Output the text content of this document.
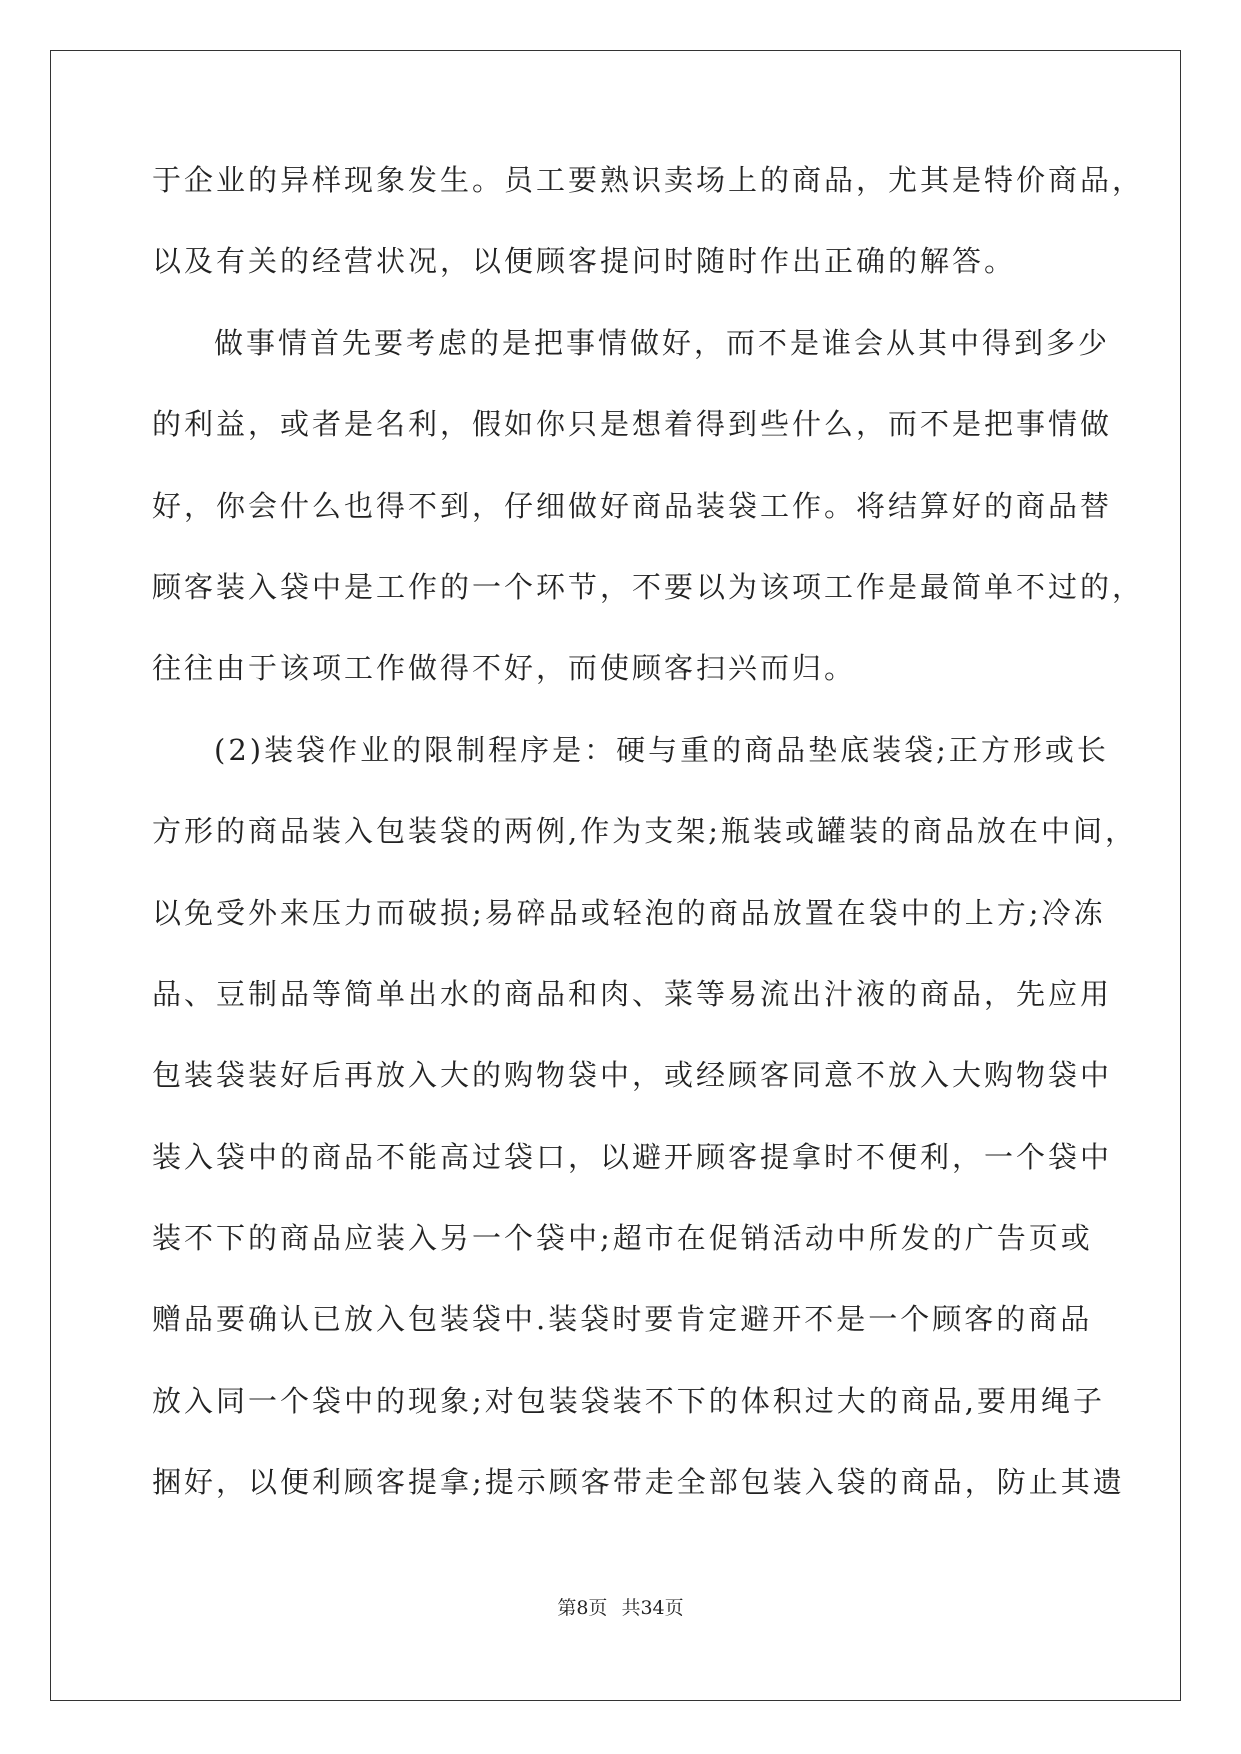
于企业的异样现象发生。员工要熟识卖场上的商品，尤其是特价商品，
以及有关的经营状况，以便顾客提问时随时作出正确的解答。
做事情首先要考虑的是把事情做好，而不是谁会从其中得到多少
的利益，或者是名利，假如你只是想着得到些什么，而不是把事情做
好，你会什么也得不到，仔细做好商品装袋工作。将结算好的商品替
顾客装入袋中是工作的一个环节，不要以为该项工作是最简单不过的，
往往由于该项工作做得不好，而使顾客扫兴而归。
(2)装袋作业的限制程序是：硬与重的商品垫底装袋;正方形或长
方形的商品装入包装袋的两例,作为支架;瓶装或罐装的商品放在中间，
以免受外来压力而破损;易碎品或轻泡的商品放置在袋中的上方;冷冻
品、豆制品等简单出水的商品和肉、菜等易流出汁液的商品，先应用
包装袋装好后再放入大的购物袋中，或经顾客同意不放入大购物袋中
装入袋中的商品不能高过袋口，以避开顾客提拿时不便利，一个袋中
装不下的商品应装入另一个袋中;超市在促销活动中所发的广告页或
赠品要确认已放入包装袋中.装袋时要肯定避开不是一个顾客的商品
放入同一个袋中的现象;对包装袋装不下的体积过大的商品,要用绳子
捆好，以便利顾客提拿;提示顾客带走全部包装入袋的商品，防止其遗
第8页 共34页
